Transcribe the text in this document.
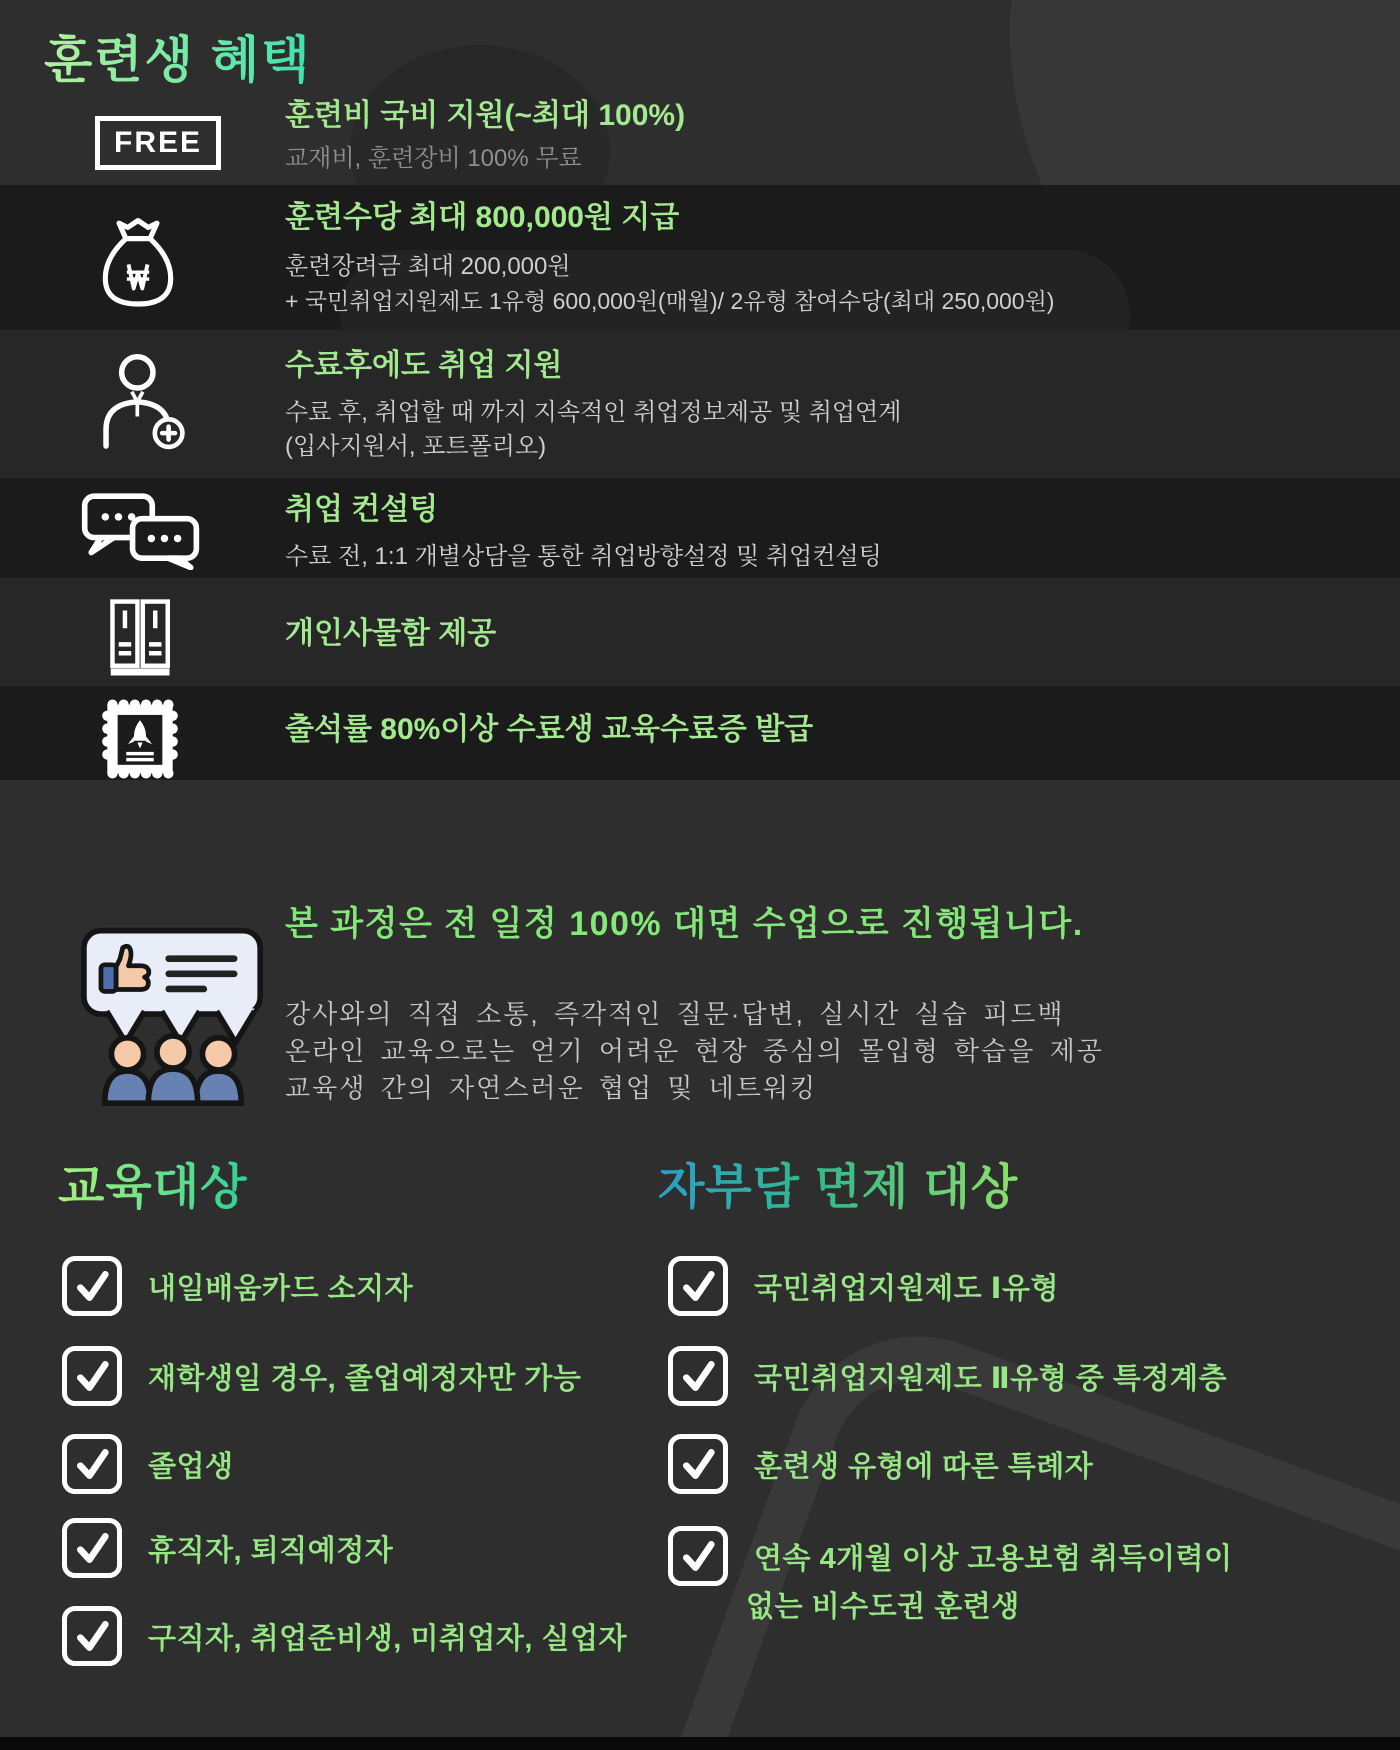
훈련생 혜택
FREE
훈련비 국비 지원(~최대 100%)
교재비, 훈련장비 100% 무료
훈련수당 최대 800,000원 지급
훈련장려금 최대 200,000원
+ 국민취업지원제도 1유형 600,000원(매월)/ 2유형 참여수당(최대 250,000원)
수료후에도 취업 지원
수료 후, 취업할 때 까지 지속적인 취업정보제공 및 취업연계
(입사지원서, 포트폴리오)
취업 컨설팅
수료 전, 1:1 개별상담을 통한 취업방향설정 및 취업컨설팅
개인사물함 제공
출석률 80%이상 수료생 교육수료증 발급
본 과정은 전 일정 100% 대면 수업으로 진행됩니다.
강사와의 직접 소통, 즉각적인 질문·답변, 실시간 실습 피드백
온라인 교육으로는 얻기 어려운 현장 중심의 몰입형 학습을 제공
교육생 간의 자연스러운 협업 및 네트워킹
교육대상
내일배움카드 소지자
재학생일 경우, 졸업예정자만 가능
졸업생
휴직자, 퇴직예정자
구직자, 취업준비생, 미취업자, 실업자
자부담 면제 대상
국민취업지원제도 Ⅰ유형
국민취업지원제도 Ⅱ유형 중 특정계층
훈련생 유형에 따른 특례자
연속 4개월 이상 고용보험 취득이력이
없는 비수도권 훈련생
